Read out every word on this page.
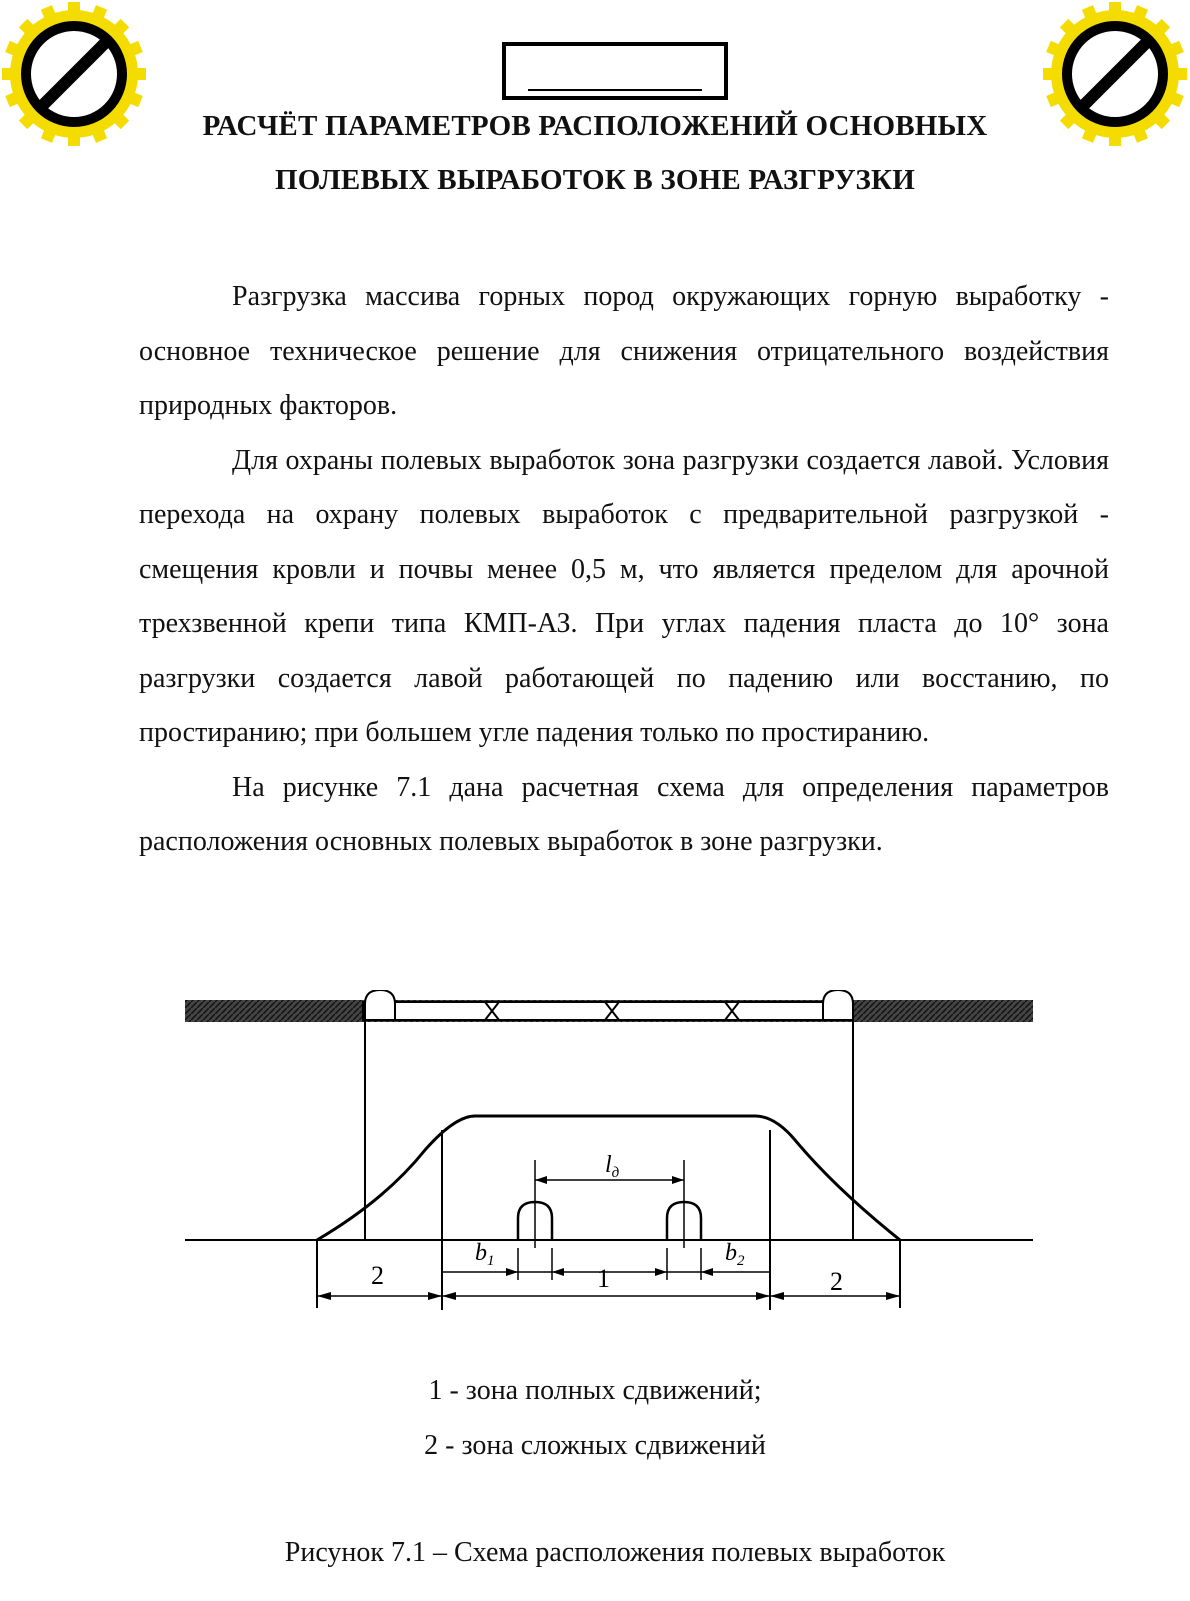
РАСЧЁТ ПАРАМЕТРОВ РАСПОЛОЖЕНИЙ ОСНОВНЫХ
ПОЛЕВЫХ ВЫРАБОТОК В ЗОНЕ РАЗГРУЗКИ

Разгрузка массива горных пород окружающих горную выработку - основное техническое решение для снижения отрицательного воздействия природных факторов.

Для охраны полевых выработок зона разгрузки создается лавой. Условия перехода на охрану полевых выработок с предварительной разгрузкой - смещения кровли и почвы менее 0,5 м, что является пределом для арочной трехзвенной крепи типа КМП-АЗ. При углах падения пласта до 10° зона разгрузки создается лавой работающей по падению или восстанию, по простиранию; при большем угле падения только по простиранию.

На рисунке 7.1 дана расчетная схема для определения параметров расположения основных полевых выработок в зоне разгрузки.

$l_д$
$b_1$	$b_2$
1
2	2
1 - зона полных сдвижений;
2 - зона сложных сдвижений
Рисунок 7.1 – Схема расположения полевых выработок
